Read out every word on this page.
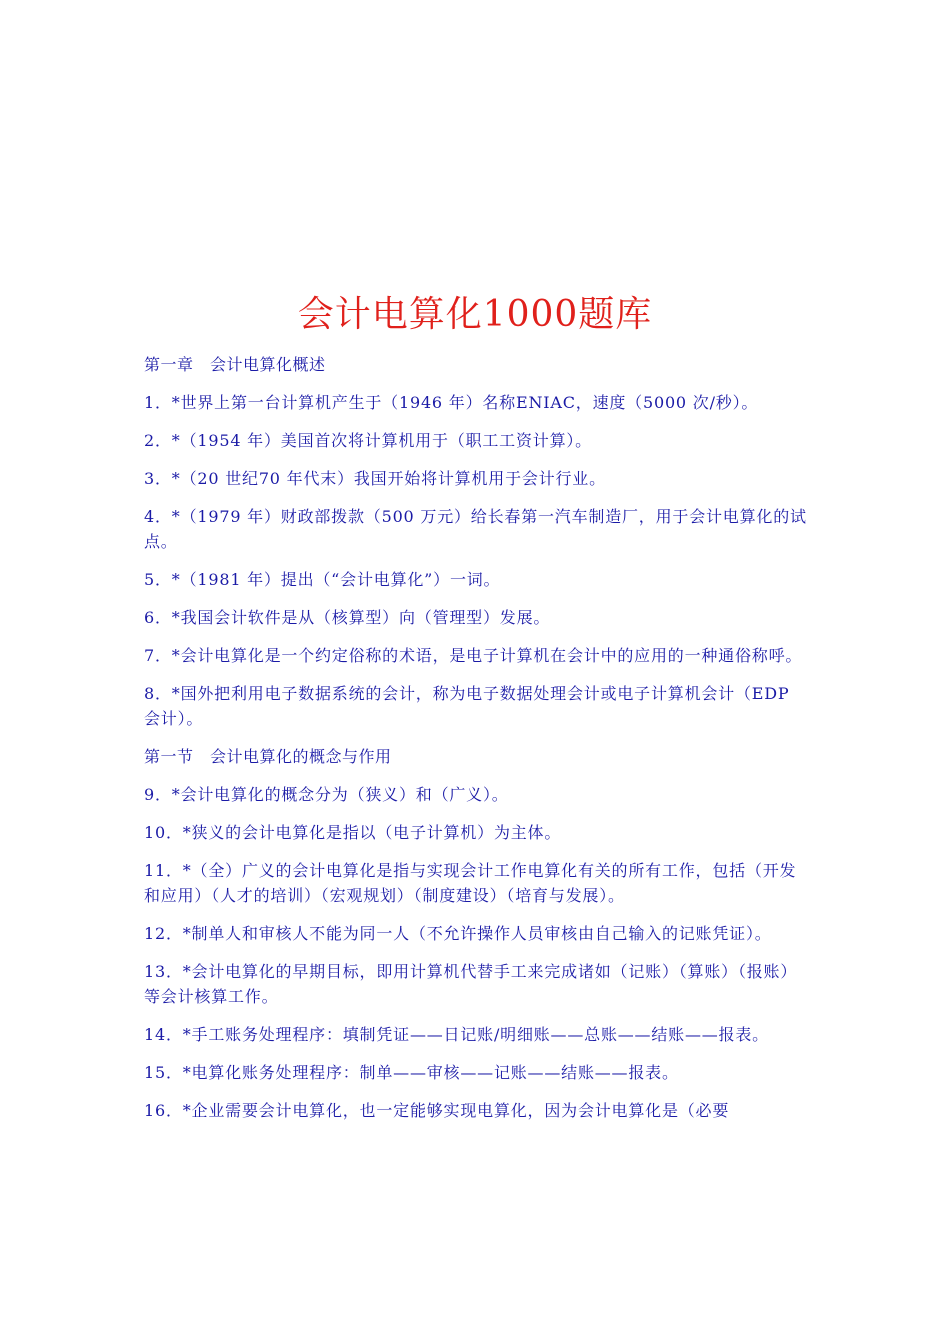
会计电算化1000题库

第一章　会计电算化概述

1．*世界上第一台计算机产生于（1946 年）名称ENIAC，速度（5000 次/秒）。

2．*（1954 年）美国首次将计算机用于（职工工资计算）。

3．*（20 世纪70 年代末）我国开始将计算机用于会计行业。

4．*（1979 年）财政部拨款（500 万元）给长春第一汽车制造厂，用于会计电算化的试点。

5．*（1981 年）提出（“会计电算化”）一词。

6．*我国会计软件是从（核算型）向（管理型）发展。

7．*会计电算化是一个约定俗称的术语，是电子计算机在会计中的应用的一种通俗称呼。

8．*国外把利用电子数据系统的会计，称为电子数据处理会计或电子计算机会计（EDP 会计）。

第一节　会计电算化的概念与作用

9．*会计电算化的概念分为（狭义）和（广义）。

10．*狭义的会计电算化是指以（电子计算机）为主体。

11．*（全）广义的会计电算化是指与实现会计工作电算化有关的所有工作，包括（开发和应用）（人才的培训）（宏观规划）（制度建设）（培育与发展）。

12．*制单人和审核人不能为同一人（不允许操作人员审核由自己输入的记账凭证）。

13．*会计电算化的早期目标，即用计算机代替手工来完成诸如（记账）（算账）（报账）等会计核算工作。

14．*手工账务处理程序：填制凭证——日记账/明细账——总账——结账——报表。

15．*电算化账务处理程序：制单——审核——记账——结账——报表。

16．*企业需要会计电算化，也一定能够实现电算化，因为会计电算化是（必要
